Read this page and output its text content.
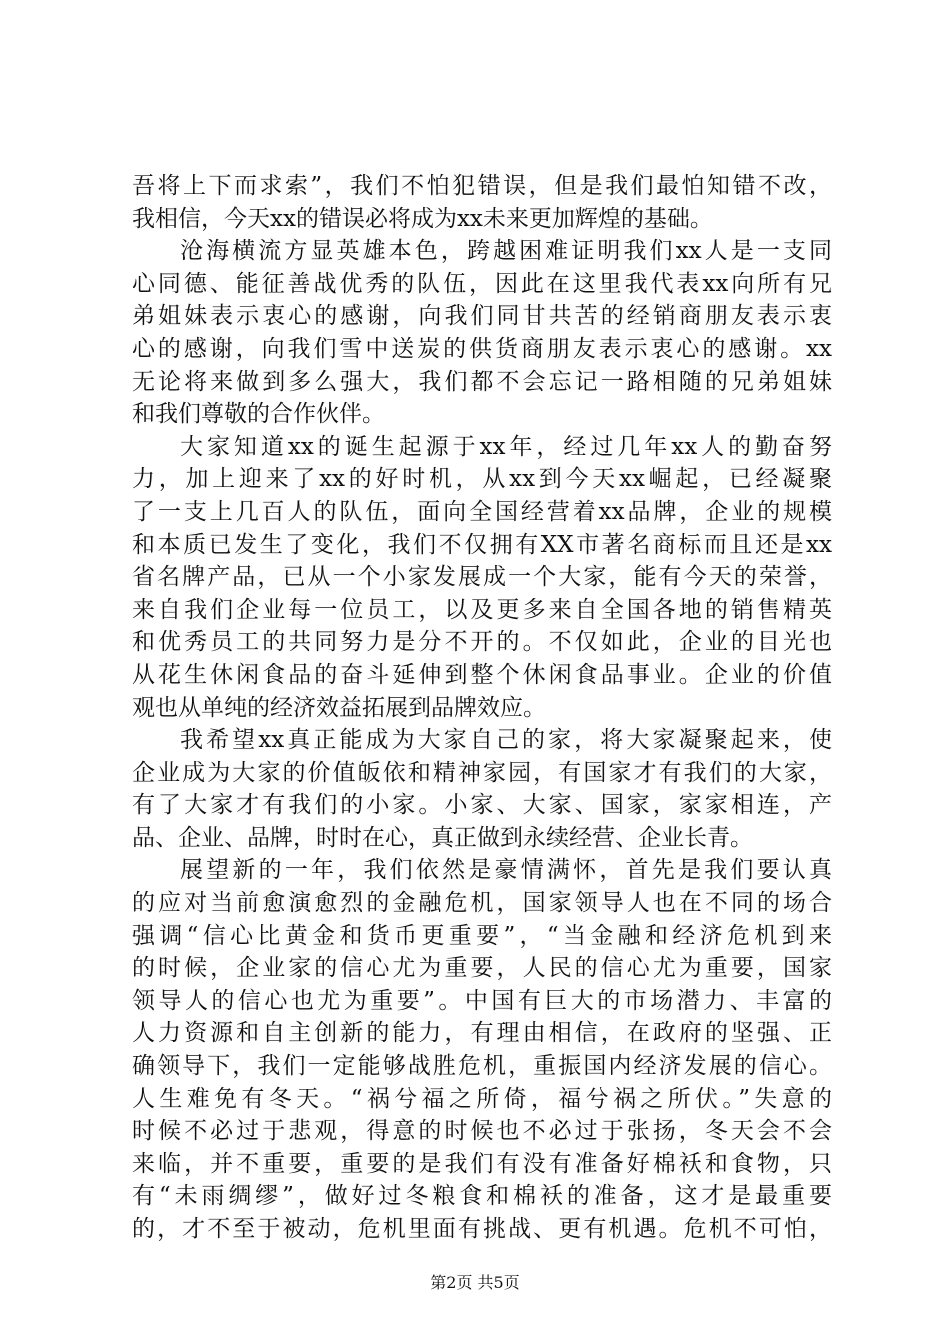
吾将上下而求索”，我们不怕犯错误，但是我们最怕知错不改，
我相信，今天xx的错误必将成为xx未来更加辉煌的基础。
沧海横流方显英雄本色，跨越困难证明我们xx人是一支同
心同德、能征善战优秀的队伍，因此在这里我代表xx向所有兄
弟姐妹表示衷心的感谢，向我们同甘共苦的经销商朋友表示衷
心的感谢，向我们雪中送炭的供货商朋友表示衷心的感谢。xx
无论将来做到多么强大，我们都不会忘记一路相随的兄弟姐妹
和我们尊敬的合作伙伴。
大家知道xx的诞生起源于xx年，经过几年xx人的勤奋努
力，加上迎来了xx的好时机，从xx到今天xx崛起，已经凝聚
了一支上几百人的队伍，面向全国经营着xx品牌，企业的规模
和本质已发生了变化，我们不仅拥有XX市著名商标而且还是xx
省名牌产品，已从一个小家发展成一个大家，能有今天的荣誉，
来自我们企业每一位员工，以及更多来自全国各地的销售精英
和优秀员工的共同努力是分不开的。不仅如此，企业的目光也
从花生休闲食品的奋斗延伸到整个休闲食品事业。企业的价值
观也从单纯的经济效益拓展到品牌效应。
我希望xx真正能成为大家自己的家，将大家凝聚起来，使
企业成为大家的价值皈依和精神家园，有国家才有我们的大家，
有了大家才有我们的小家。小家、大家、国家，家家相连，产
品、企业、品牌，时时在心，真正做到永续经营、企业长青。
展望新的一年，我们依然是豪情满怀，首先是我们要认真
的应对当前愈演愈烈的金融危机，国家领导人也在不同的场合
强调“信心比黄金和货币更重要”，“当金融和经济危机到来
的时候，企业家的信心尤为重要，人民的信心尤为重要，国家
领导人的信心也尤为重要”。中国有巨大的市场潜力、丰富的
人力资源和自主创新的能力，有理由相信，在政府的坚强、正
确领导下，我们一定能够战胜危机，重振国内经济发展的信心。
人生难免有冬天。“祸兮福之所倚，福兮祸之所伏。”失意的
时候不必过于悲观，得意的时候也不必过于张扬，冬天会不会
来临，并不重要，重要的是我们有没有准备好棉袄和食物，只
有“未雨绸缪”，做好过冬粮食和棉袄的准备，这才是最重要
的，才不至于被动，危机里面有挑战、更有机遇。危机不可怕，
第2页 共5页
